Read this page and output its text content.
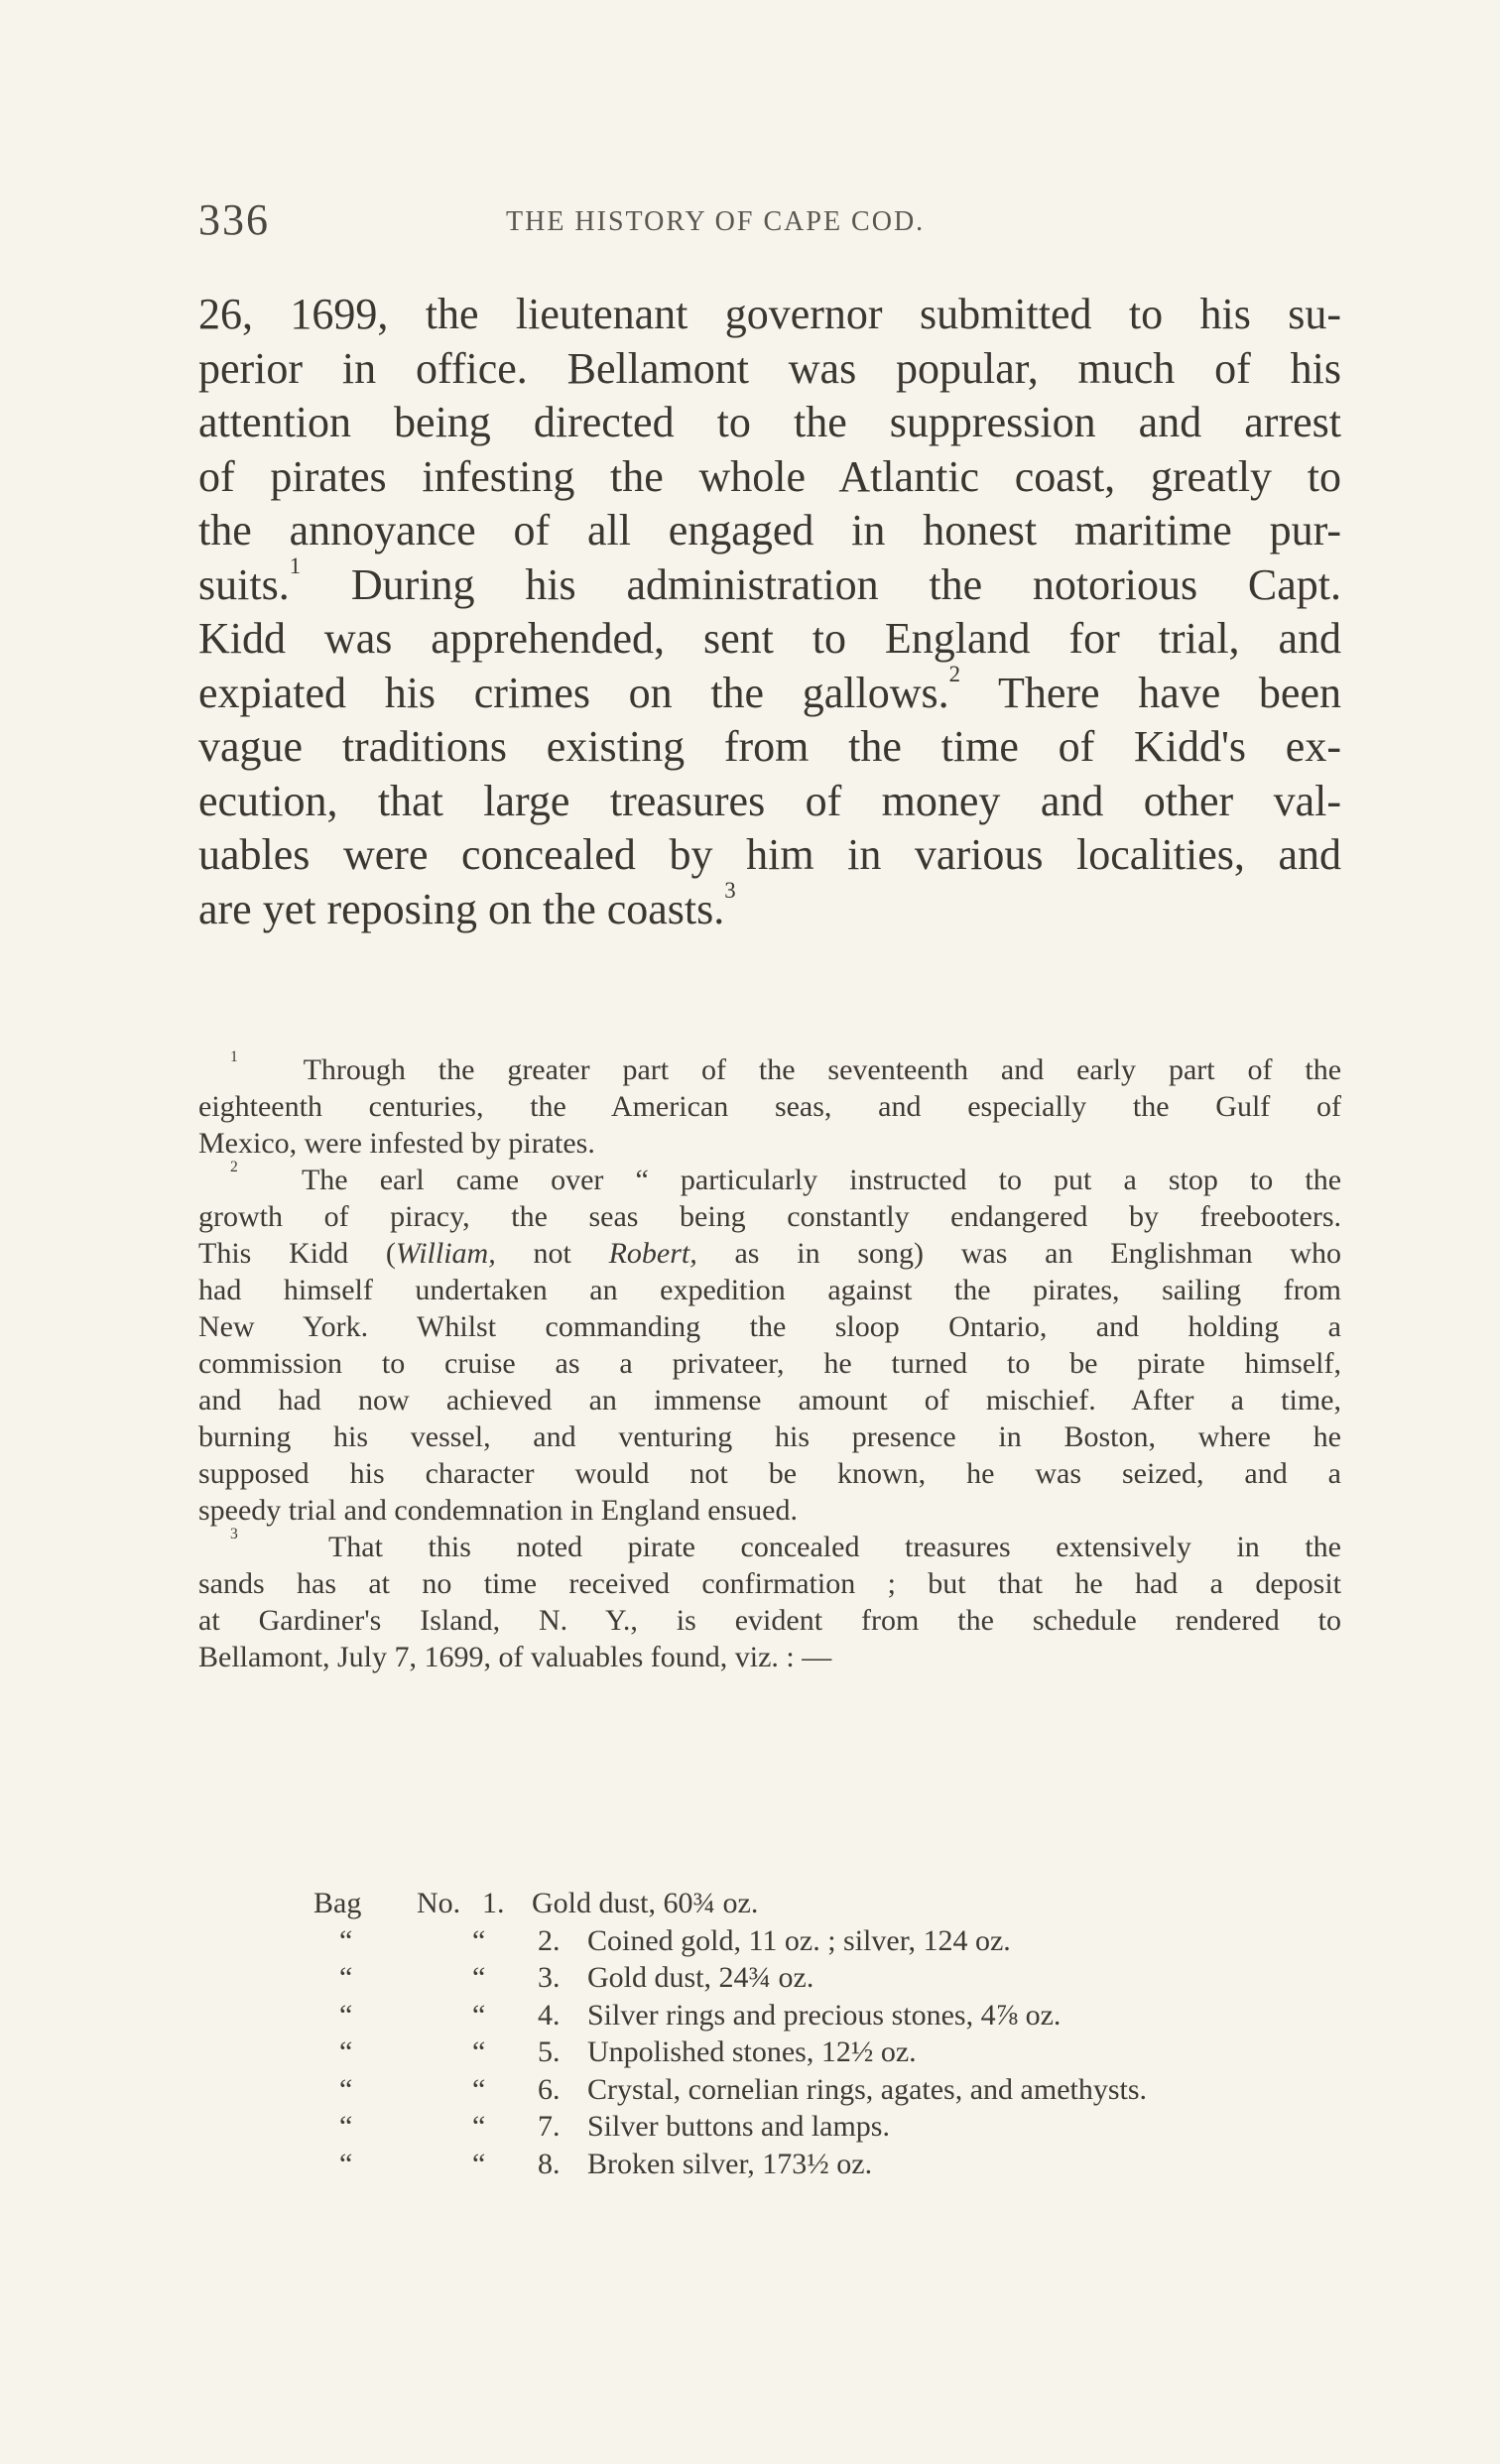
336	THE HISTORY OF CAPE COD.
26, 1699, the lieutenant governor submitted to his su-
perior in office. Bellamont was popular, much of his
attention being directed to the suppression and arrest
of pirates infesting the whole Atlantic coast, greatly to
the annoyance of all engaged in honest maritime pur-
suits.$^1$ During his administration the notorious Capt.
Kidd was apprehended, sent to England for trial, and
expiated his crimes on the gallows.$^2$ There have been
vague traditions existing from the time of Kidd's ex-
ecution, that large treasures of money and other val-
uables were concealed by him in various localities, and
are yet reposing on the coasts.$^3$
$^1$ Through the greater part of the seventeenth and early part of the
eighteenth centuries, the American seas, and especially the Gulf of
Mexico, were infested by pirates.
$^2$ The earl came over “ particularly instructed to put a stop to the
growth of piracy, the seas being constantly endangered by freebooters.
This Kidd (William, not Robert, as in song) was an Englishman who
had himself undertaken an expedition against the pirates, sailing from
New York. Whilst commanding the sloop Ontario, and holding a
commission to cruise as a privateer, he turned to be pirate himself,
and had now achieved an immense amount of mischief. After a time,
burning his vessel, and venturing his presence in Boston, where he
supposed his character would not be known, he was seized, and a
speedy trial and condemnation in England ensued.
$^3$	That this noted pirate concealed treasures extensively in the
sands has at no time received confirmation ; but that he had a deposit
at Gardiner's Island, N. Y., is evident from the schedule rendered to
Bellamont, July 7, 1699, of valuables found, viz. : —
Bag	No. 1. Gold dust, 60¾ oz.
“	“	2. Coined gold, 11 oz. ; silver, 124 oz.
“	“	3. Gold dust, 24¾ oz.
“	“	4. Silver rings and precious stones, 4⅞ oz.
“	“	5. Unpolished stones, 12½ oz.
“	“	6. Crystal, cornelian rings, agates, and amethysts.
“	“	7. Silver buttons and lamps.
“	“	8. Broken silver, 173½ oz.
